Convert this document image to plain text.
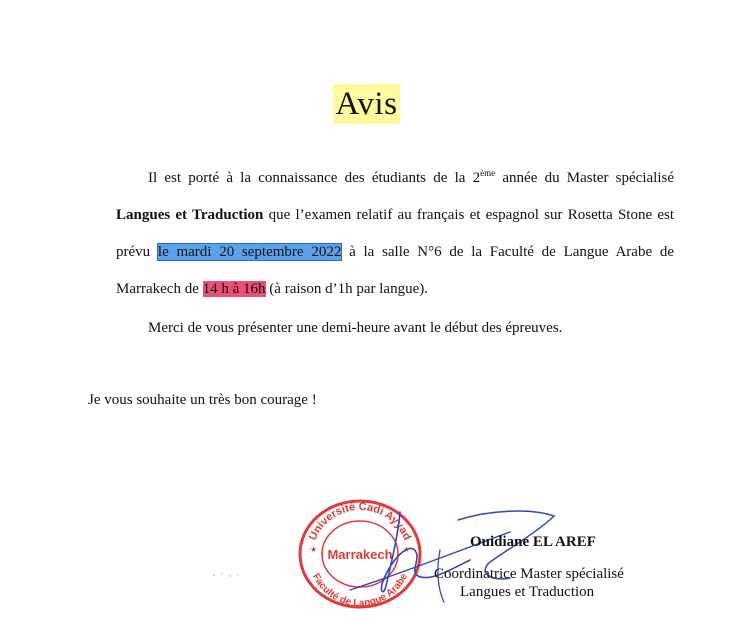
Avis
Il est porté à la connaissance des étudiants de la 2ème année du Master spécialisé Langues et Traduction que l’examen relatif au français et espagnol sur Rosetta Stone est prévu le mardi 20 septembre 2022 à la salle N°6 de la Faculté de Langue Arabe de Marrakech de 14 h à 16h (à raison d’1h par langue).
Merci de vous présenter une demi-heure avant le début des épreuves.
Je vous souhaite un très bon courage !
Université Cadi Ayyad
Marrakech
Faculté de Langue Arabe
★	★	Ouidiane EL AREF
Coordinatrice Master spécialisé
Langues et Traduction
